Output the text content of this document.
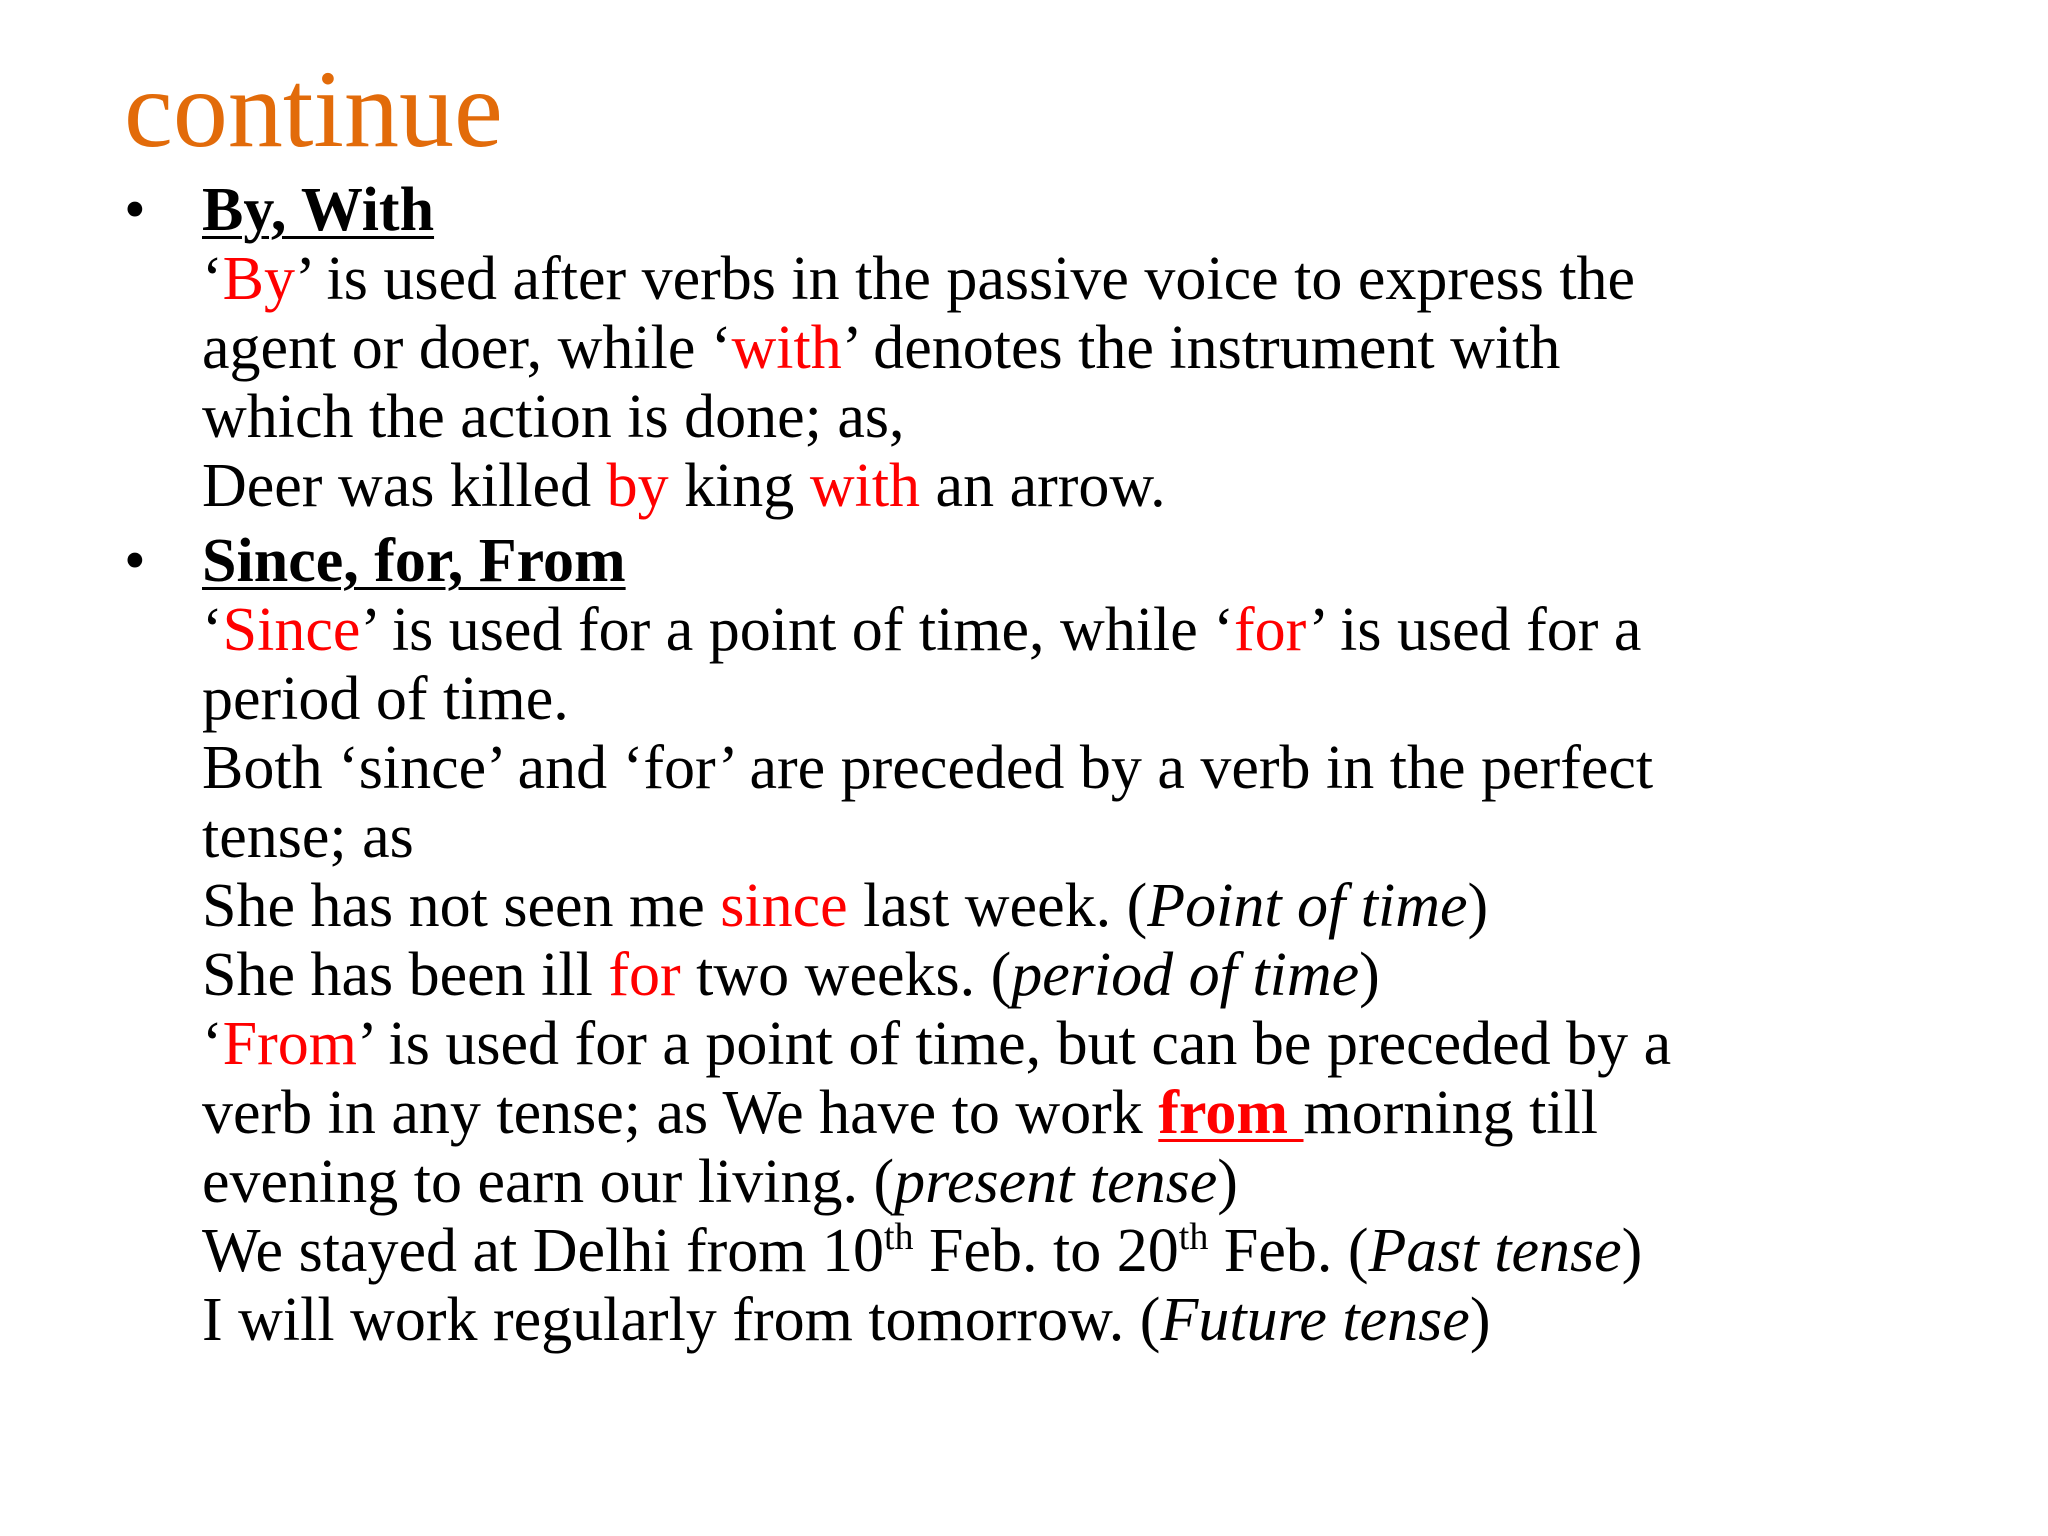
continue
• By, With
‘By’ is used after verbs in the passive voice to express the
agent or doer, while ‘with’ denotes the instrument with
which the action is done; as,
Deer was killed by king with an arrow.
• Since, for, From
‘Since’ is used for a point of time, while ‘for’ is used for a
period of time.
Both ‘since’ and ‘for’ are preceded by a verb in the perfect
tense; as
She has not seen me since last week. (Point of time)
She has been ill for two weeks. (period of time)
‘From’ is used for a point of time, but can be preceded by a
verb in any tense; as We have to work from morning till
evening to earn our living. (present tense)
We stayed at Delhi from 10th Feb. to 20th Feb. (Past tense)
I will work regularly from tomorrow. (Future tense)
